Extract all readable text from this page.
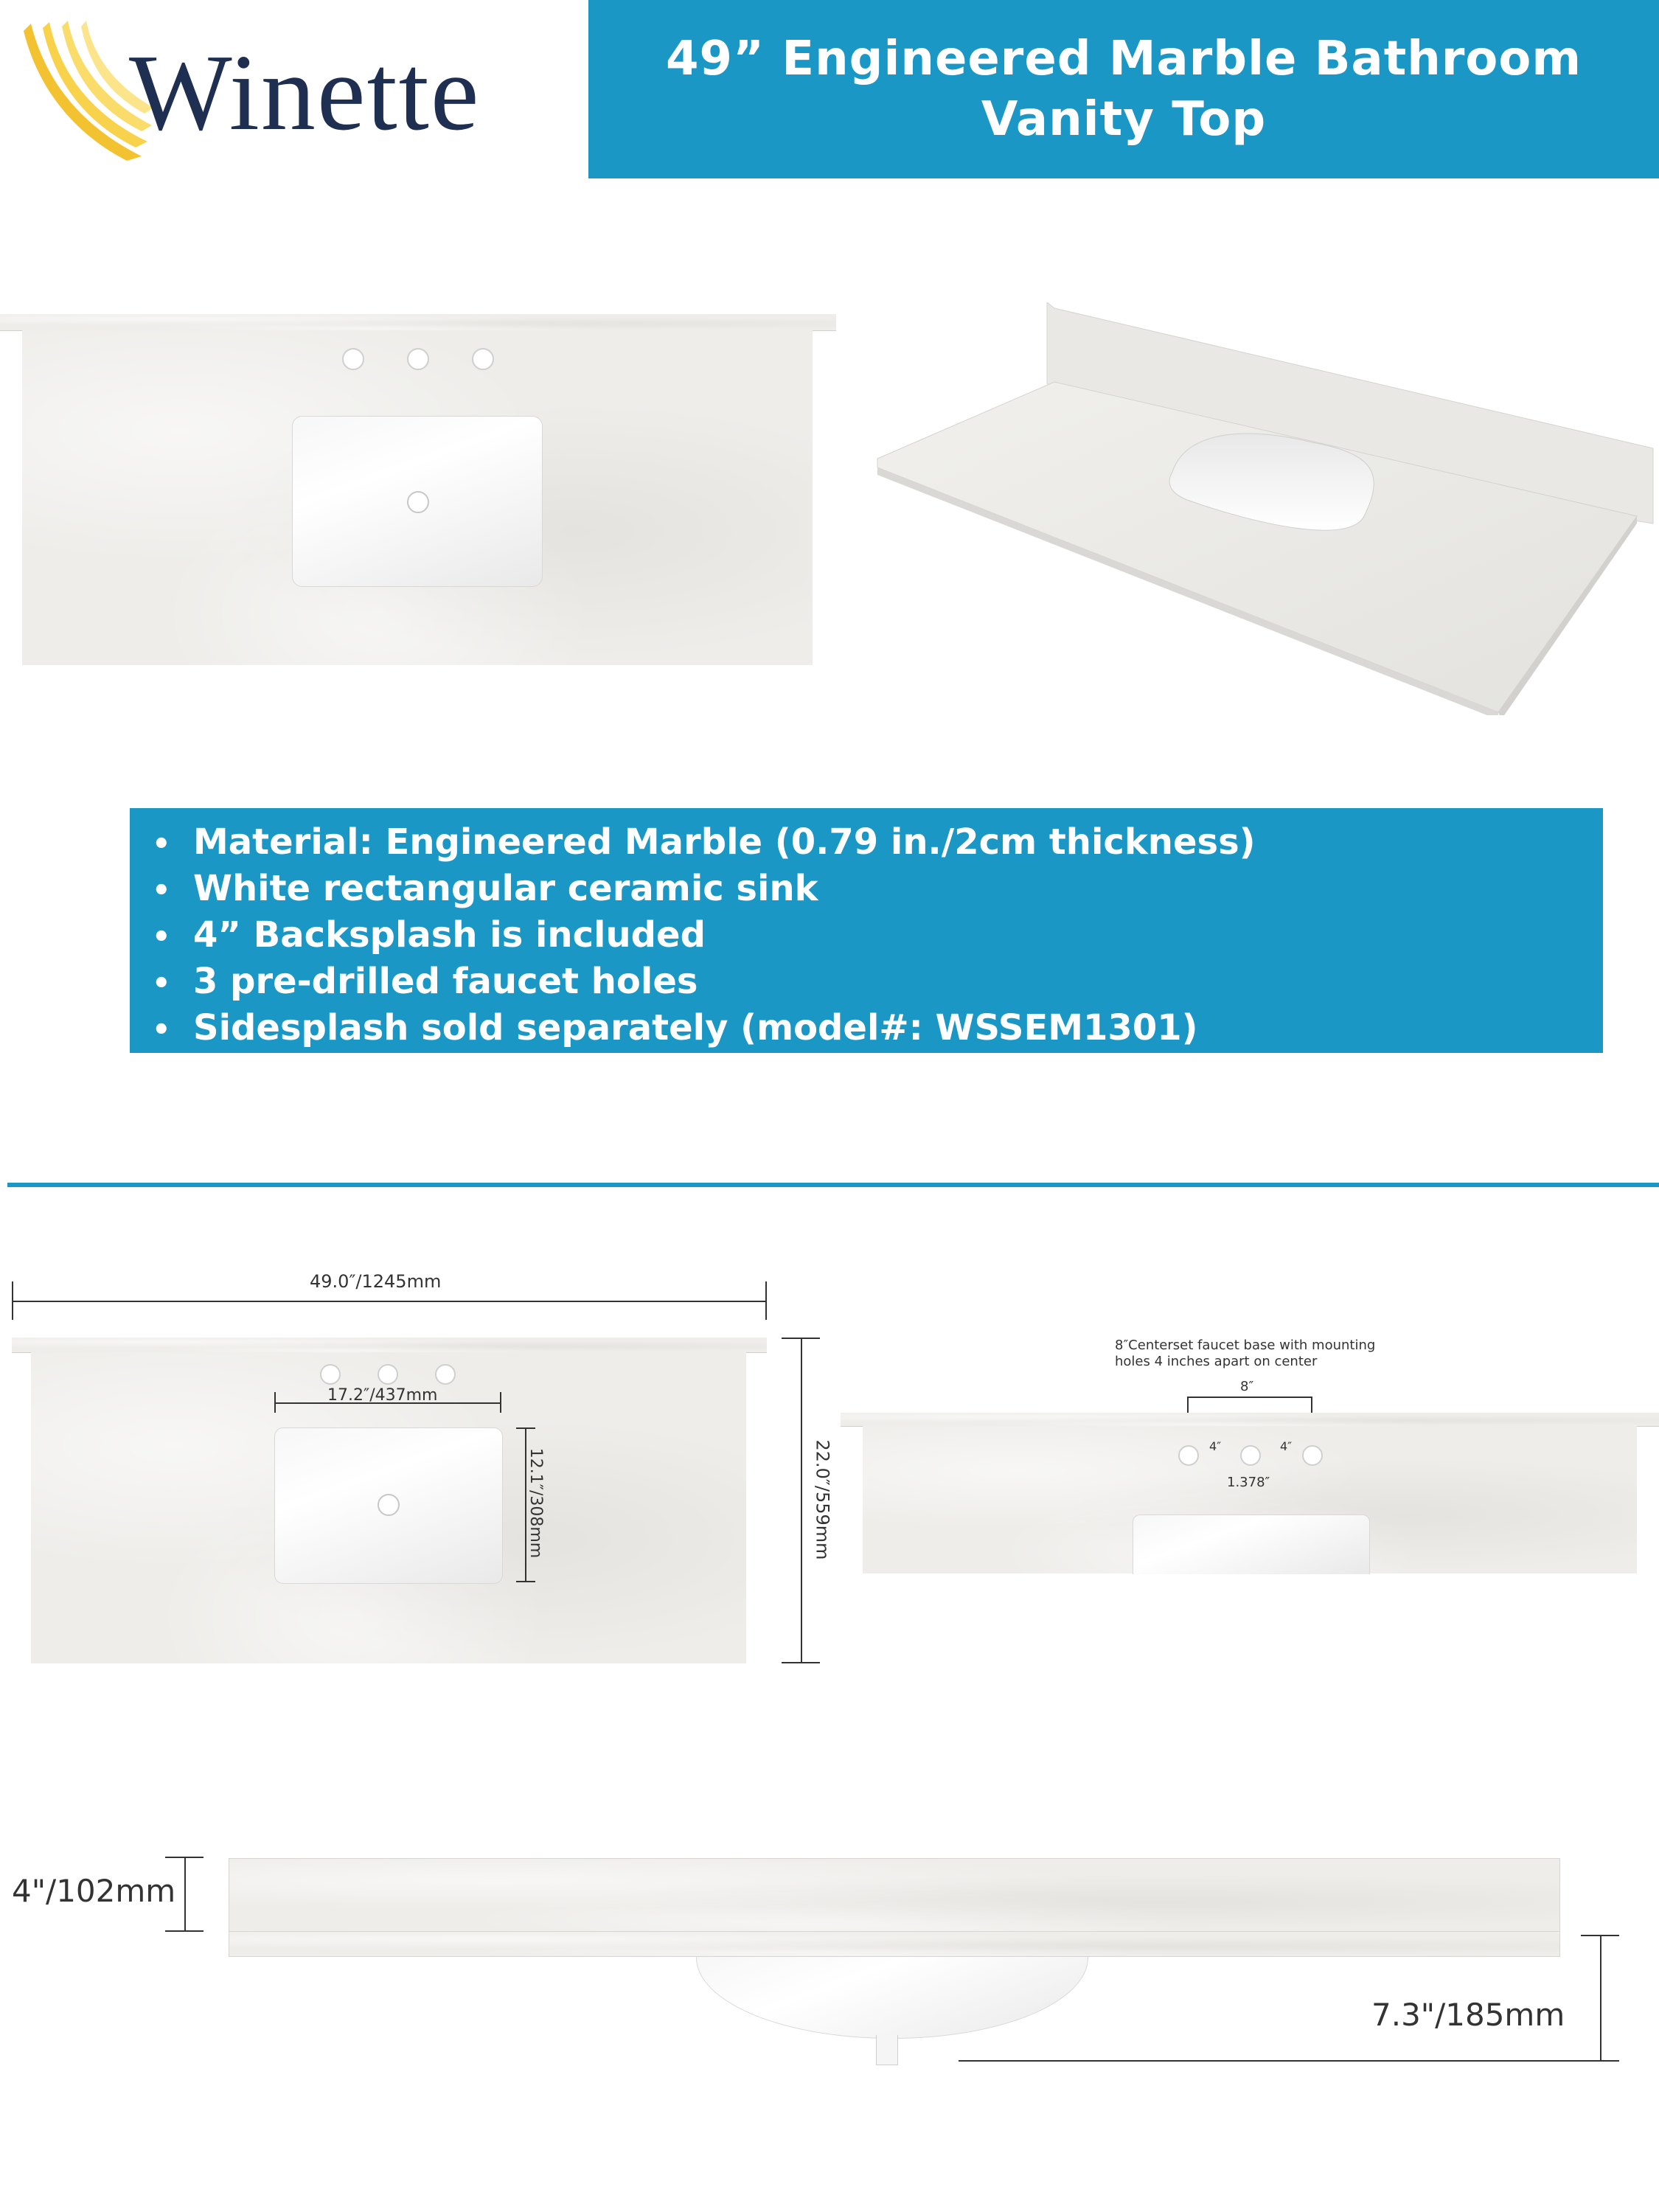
Winette	49” Engineered Marble Bathroom
Vanity Top
• Material: Engineered Marble (0.79 in./2cm thickness)
• White rectangular ceramic sink
• 4” Backsplash is included
• 3 pre-drilled faucet holes
• Sidesplash sold separately (model#: WSSEM1301)
49.0″/1245mm
17.2″/437mm
12.1″/308mm	22.0″/559mm
8″Centerset faucet base with mounting
holes 4 inches apart on center
8″
4″	4″
1.378″
4"/102mm
7.3"/185mm
